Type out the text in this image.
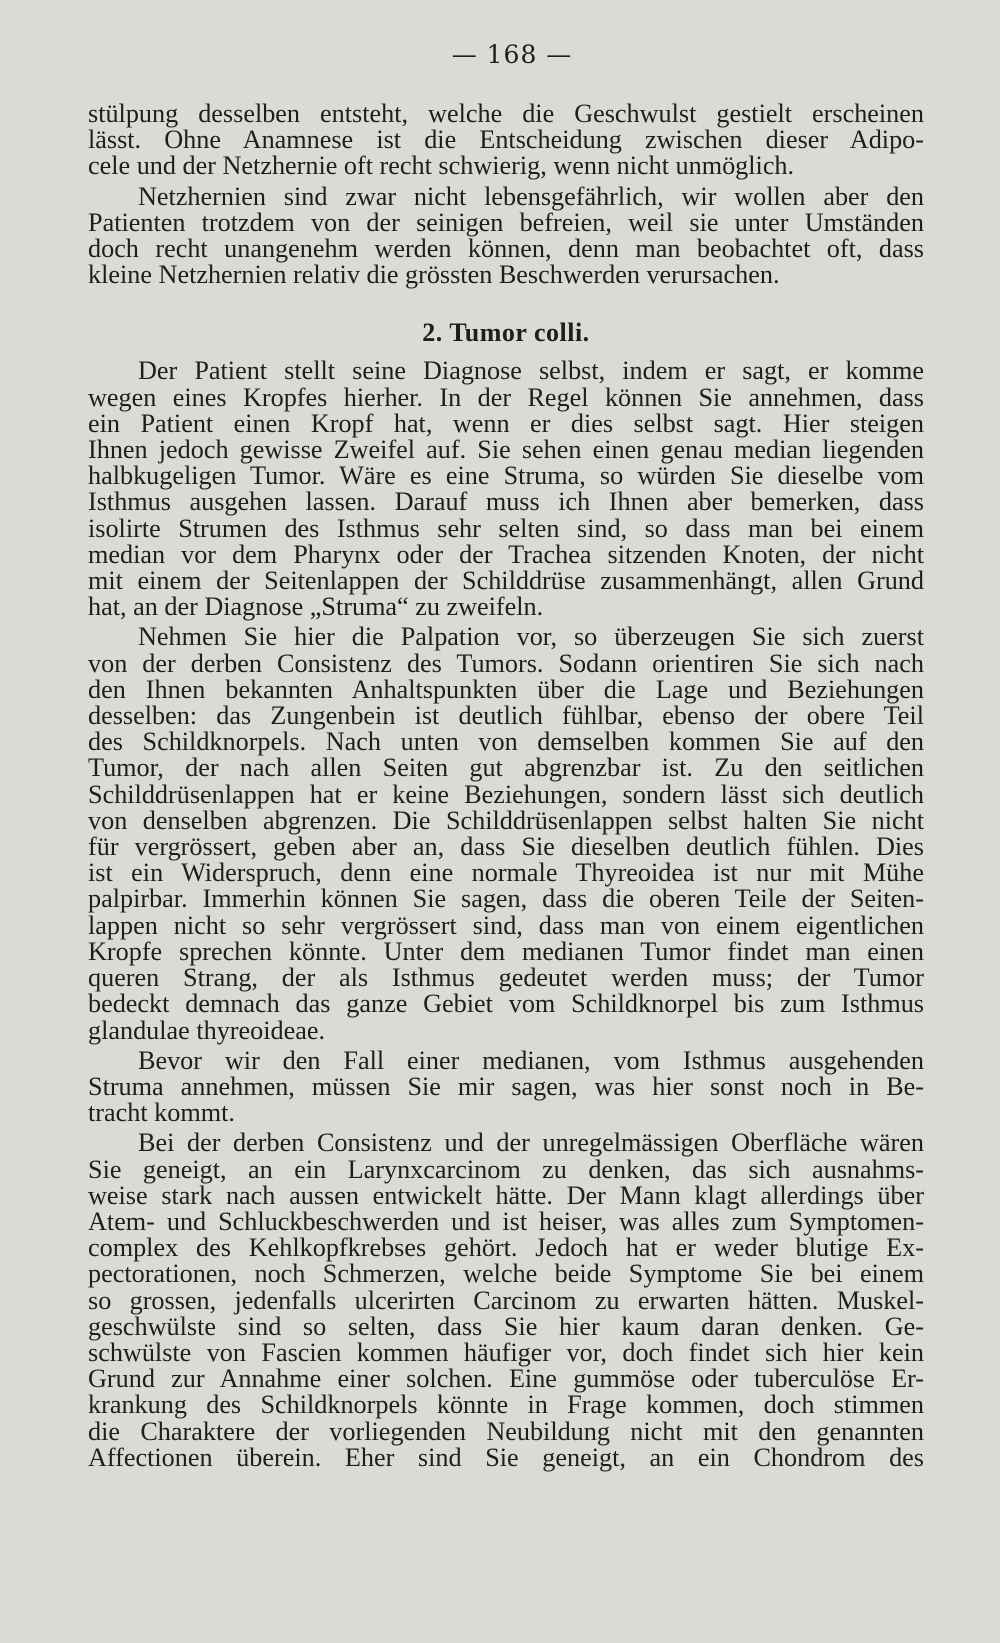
— 168 —
stülpung desselben entsteht, welche die Geschwulst gestielt erscheinen
lässt. Ohne Anamnese ist die Entscheidung zwischen dieser Adipo-
cele und der Netzhernie oft recht schwierig, wenn nicht unmöglich.
Netzhernien sind zwar nicht lebensgefährlich, wir wollen aber den
Patienten trotzdem von der seinigen befreien, weil sie unter Umständen
doch recht unangenehm werden können, denn man beobachtet oft, dass
kleine Netzhernien relativ die grössten Beschwerden verursachen.
2. Tumor colli.
Der Patient stellt seine Diagnose selbst, indem er sagt, er komme
wegen eines Kropfes hierher. In der Regel können Sie annehmen, dass
ein Patient einen Kropf hat, wenn er dies selbst sagt. Hier steigen
Ihnen jedoch gewisse Zweifel auf. Sie sehen einen genau median liegenden
halbkugeligen Tumor. Wäre es eine Struma, so würden Sie dieselbe vom
Isthmus ausgehen lassen. Darauf muss ich Ihnen aber bemerken, dass
isolirte Strumen des Isthmus sehr selten sind, so dass man bei einem
median vor dem Pharynx oder der Trachea sitzenden Knoten, der nicht
mit einem der Seitenlappen der Schilddrüse zusammenhängt, allen Grund
hat, an der Diagnose „Struma“ zu zweifeln.
Nehmen Sie hier die Palpation vor, so überzeugen Sie sich zuerst
von der derben Consistenz des Tumors. Sodann orientiren Sie sich nach
den Ihnen bekannten Anhaltspunkten über die Lage und Beziehungen
desselben: das Zungenbein ist deutlich fühlbar, ebenso der obere Teil
des Schildknorpels. Nach unten von demselben kommen Sie auf den
Tumor, der nach allen Seiten gut abgrenzbar ist. Zu den seitlichen
Schilddrüsenlappen hat er keine Beziehungen, sondern lässt sich deutlich
von denselben abgrenzen. Die Schilddrüsenlappen selbst halten Sie nicht
für vergrössert, geben aber an, dass Sie dieselben deutlich fühlen. Dies
ist ein Widerspruch, denn eine normale Thyreoidea ist nur mit Mühe
palpirbar. Immerhin können Sie sagen, dass die oberen Teile der Seiten-
lappen nicht so sehr vergrössert sind, dass man von einem eigentlichen
Kropfe sprechen könnte. Unter dem medianen Tumor findet man einen
queren Strang, der als Isthmus gedeutet werden muss; der Tumor
bedeckt demnach das ganze Gebiet vom Schildknorpel bis zum Isthmus
glandulae thyreoideae.
Bevor wir den Fall einer medianen, vom Isthmus ausgehenden
Struma annehmen, müssen Sie mir sagen, was hier sonst noch in Be-
tracht kommt.
Bei der derben Consistenz und der unregelmässigen Oberfläche wären
Sie geneigt, an ein Larynxcarcinom zu denken, das sich ausnahms-
weise stark nach aussen entwickelt hätte. Der Mann klagt allerdings über
Atem- und Schluckbeschwerden und ist heiser, was alles zum Symptomen-
complex des Kehlkopfkrebses gehört. Jedoch hat er weder blutige Ex-
pectorationen, noch Schmerzen, welche beide Symptome Sie bei einem
so grossen, jedenfalls ulcerirten Carcinom zu erwarten hätten. Muskel-
geschwülste sind so selten, dass Sie hier kaum daran denken. Ge-
schwülste von Fascien kommen häufiger vor, doch findet sich hier kein
Grund zur Annahme einer solchen. Eine gummöse oder tuberculöse Er-
krankung des Schildknorpels könnte in Frage kommen, doch stimmen
die Charaktere der vorliegenden Neubildung nicht mit den genannten
Affectionen überein. Eher sind Sie geneigt, an ein Chondrom des
